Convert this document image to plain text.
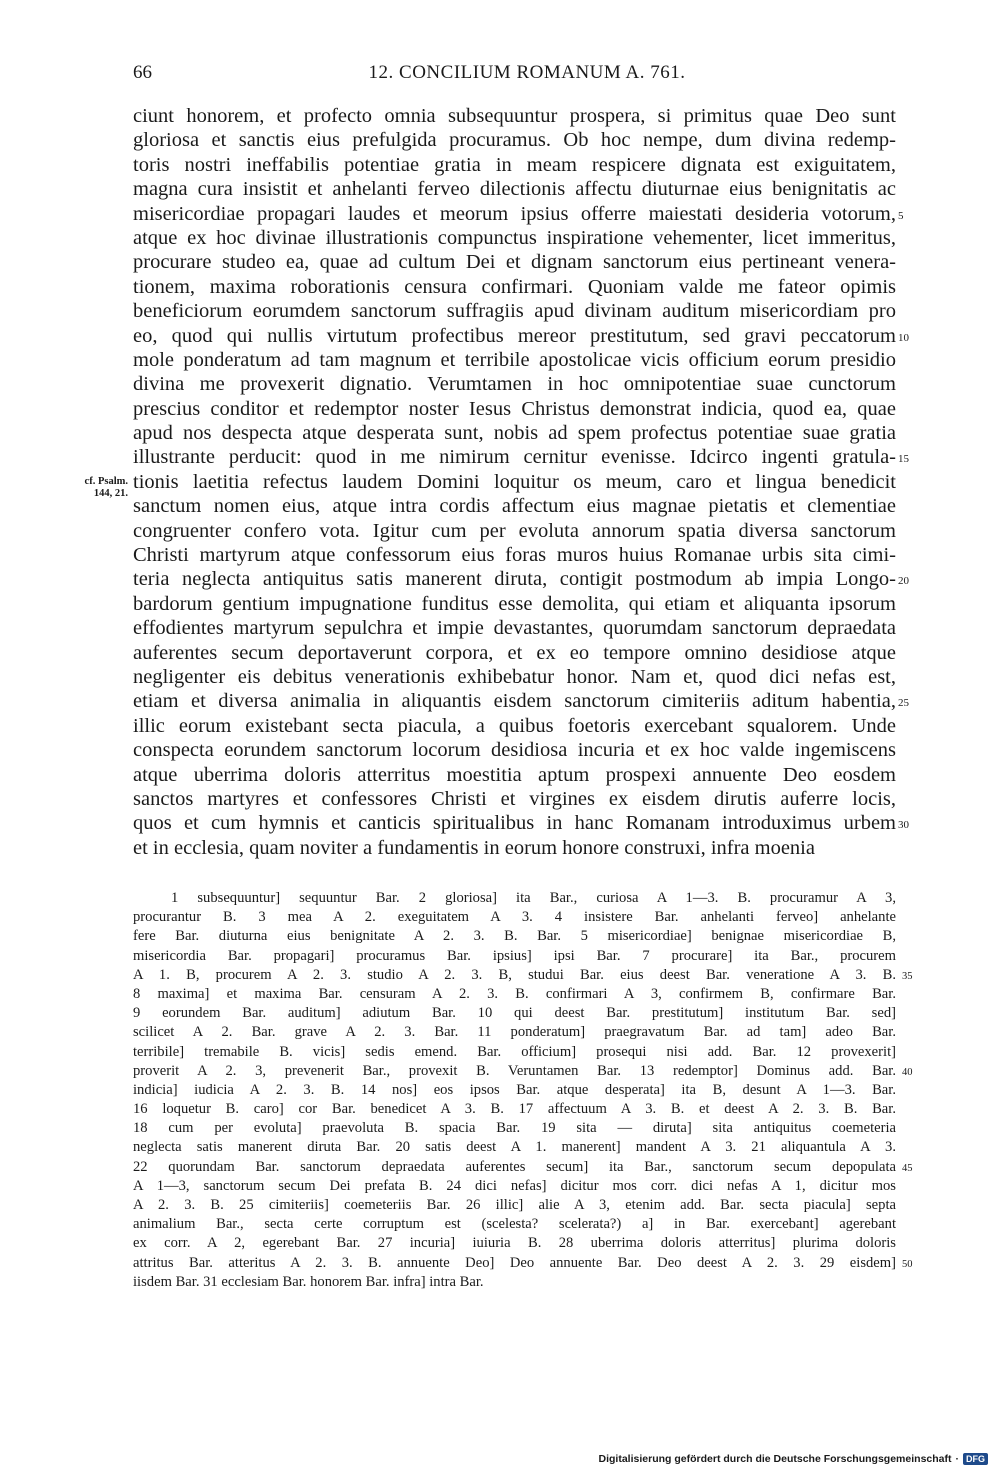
66	12. CONCILIUM ROMANUM A. 761.
cf. Psalm.
144, 21.
ciunt honorem, et profecto omnia subsequuntur prospera, si primitus quae Deo sunt
gloriosa et sanctis eius prefulgida procuramus. Ob hoc nempe, dum divina redemp-
toris nostri ineffabilis potentiae gratia in meam respicere dignata est exiguitatem,
magna cura insistit et anhelanti ferveo dilectionis affectu diuturnae eius benignitatis ac
misericordiae propagari laudes et meorum ipsius offerre maiestati desideria votorum,
atque ex hoc divinae illustrationis compunctus inspiratione vehementer, licet immeritus,
procurare studeo ea, quae ad cultum Dei et dignam sanctorum eius pertineant venera-
tionem, maxima roborationis censura confirmari. Quoniam valde me fateor opimis
beneficiorum eorumdem sanctorum suffragiis apud divinam auditum misericordiam pro
eo, quod qui nullis virtutum profectibus mereor prestitutum, sed gravi peccatorum
mole ponderatum ad tam magnum et terribile apostolicae vicis officium eorum presidio
divina me provexerit dignatio. Verumtamen in hoc omnipotentiae suae cunctorum
prescius conditor et redemptor noster Iesus Christus demonstrat indicia, quod ea, quae
apud nos despecta atque desperata sunt, nobis ad spem profectus potentiae suae gratia
illustrante perducit: quod in me nimirum cernitur evenisse. Idcirco ingenti gratula-
tionis laetitia refectus laudem Domini loquitur os meum, caro et lingua benedicit
sanctum nomen eius, atque intra cordis affectum eius magnae pietatis et clementiae
congruenter confero vota. Igitur cum per evoluta annorum spatia diversa sanctorum
Christi martyrum atque confessorum eius foras muros huius Romanae urbis sita cimi-
teria neglecta antiquitus satis manerent diruta, contigit postmodum ab impia Longo-
bardorum gentium impugnatione funditus esse demolita, qui etiam et aliquanta ipsorum
effodientes martyrum sepulchra et impie devastantes, quorumdam sanctorum depraedata
auferentes secum deportaverunt corpora, et ex eo tempore omnino desidiose atque
negligenter eis debitus venerationis exhibebatur honor. Nam et, quod dici nefas est,
etiam et diversa animalia in aliquantis eisdem sanctorum cimiteriis aditum habentia,
illic eorum existebant secta piacula, a quibus foetoris exercebant squalorem. Unde
conspecta eorundem sanctorum locorum desidiosa incuria et ex hoc valde ingemiscens
atque uberrima doloris atterritus moestitia aptum prospexi annuente Deo eosdem
sanctos martyres et confessores Christi et virgines ex eisdem dirutis auferre locis,
quos et cum hymnis et canticis spiritualibus in hanc Romanam introduximus urbem
et in ecclesia, quam noviter a fundamentis in eorum honore construxi, infra moenia
5
10
15
20
25
30
1 subsequuntur] sequuntur Bar. 2 gloriosa] ita Bar., curiosa A 1—3. B. procuramur A 3,
procurantur B. 3 mea A 2. exeguitatem A 3. 4 insistere Bar. anhelanti ferveo] anhelante
fere Bar. diuturna eius benignitate A 2. 3. B. Bar. 5 misericordiae] benignae misericordiae B,
misericordia Bar. propagari] procuramus Bar. ipsius] ipsi Bar. 7 procurare] ita Bar., procurem
A 1. B, procurem A 2. 3. studio A 2. 3. B, studui Bar. eius deest Bar. veneratione A 3. B.
8 maxima] et maxima Bar. censuram A 2. 3. B. confirmari A 3, confirmem B, confirmare Bar.
9 eorundem Bar. auditum] adiutum Bar. 10 qui deest Bar. prestitutum] institutum Bar. sed]
scilicet A 2. Bar. grave A 2. 3. Bar. 11 ponderatum] praegravatum Bar. ad tam] adeo Bar.
terribile] tremabile B. vicis] sedis emend. Bar. officium] prosequi nisi add. Bar. 12 provexerit]
proverit A 2. 3, prevenerit Bar., provexit B. Veruntamen Bar. 13 redemptor] Dominus add. Bar.
indicia] iudicia A 2. 3. B. 14 nos] eos ipsos Bar. atque desperata] ita B, desunt A 1—3. Bar.
16 loquetur B. caro] cor Bar. benedicet A 3. B. 17 affectuum A 3. B. et deest A 2. 3. B. Bar.
18 cum per evoluta] praevoluta B. spacia Bar. 19 sita — diruta] sita antiquitus coemeteria
neglecta satis manerent diruta Bar. 20 satis deest A 1. manerent] mandent A 3. 21 aliquantula A 3.
22 quorundam Bar. sanctorum depraedata auferentes secum] ita Bar., sanctorum secum depopulata
A 1—3, sanctorum secum Dei prefata B. 24 dici nefas] dicitur mos corr. dici nefas A 1, dicitur mos
A 2. 3. B. 25 cimiteriis] coemeteriis Bar. 26 illic] alie A 3, etenim add. Bar. secta piacula] septa
animalium Bar., secta certe corruptum est (scelesta? scelerata?) a] in Bar. exercebant] agerebant
ex corr. A 2, egerebant Bar. 27 incuria] iuiuria B. 28 uberrima doloris atterritus] plurima doloris
attritus Bar. atteritus A 2. 3. B. annuente Deo] Deo annuente Bar. Deo deest A 2. 3. 29 eisdem]
iisdem Bar. 31 ecclesiam Bar. honorem Bar. infra] intra Bar.
35
40
45
50
Digitalisierung gefördert durch die Deutsche Forschungsgemeinschaft · DFG
